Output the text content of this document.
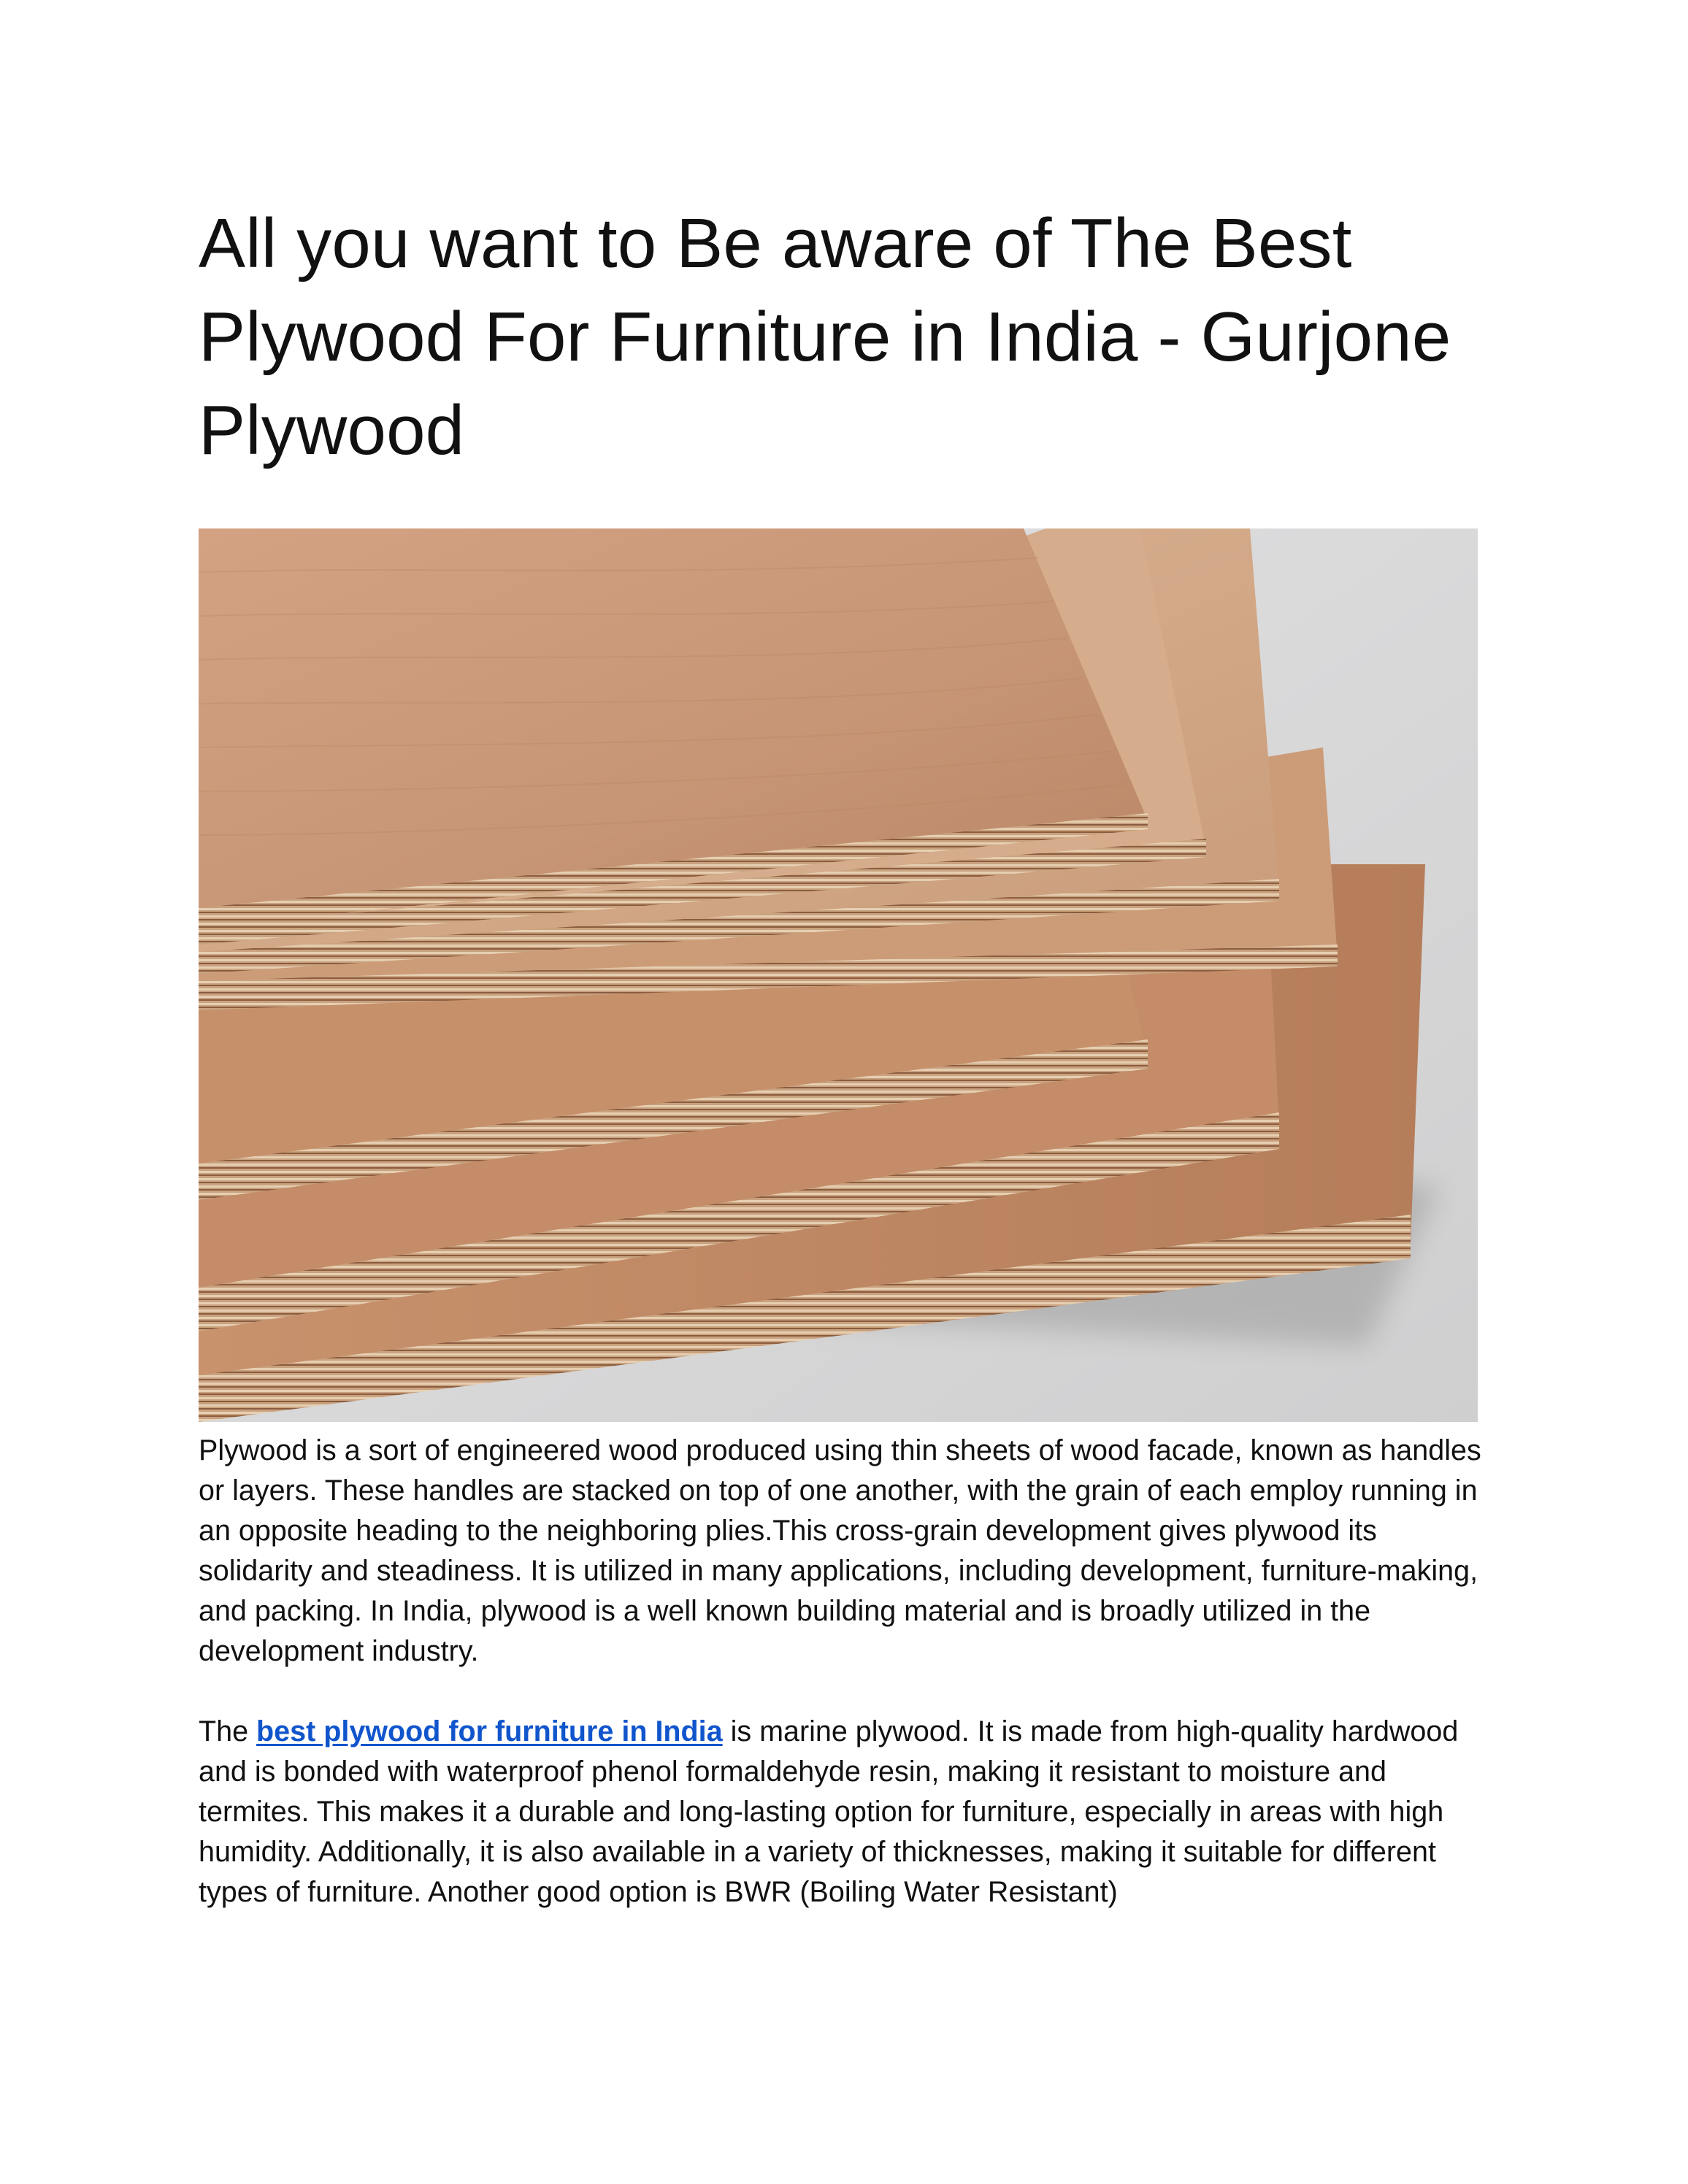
All you want to Be aware of The Best Plywood For Furniture in India - Gurjone Plywood

Plywood is a sort of engineered wood produced using thin sheets of wood facade, known as handles or layers. These handles are stacked on top of one another, with the grain of each employ running in an opposite heading to the neighboring plies.This cross-grain development gives plywood its solidarity and steadiness. It is utilized in many applications, including development, furniture-making, and packing. In India, plywood is a well known building material and is broadly utilized in the development industry.

The best plywood for furniture in India is marine plywood. It is made from high-quality hardwood and is bonded with waterproof phenol formaldehyde resin, making it resistant to moisture and termites. This makes it a durable and long-lasting option for furniture, especially in areas with high humidity. Additionally, it is also available in a variety of thicknesses, making it suitable for different types of furniture. Another good option is BWR (Boiling Water Resistant)
